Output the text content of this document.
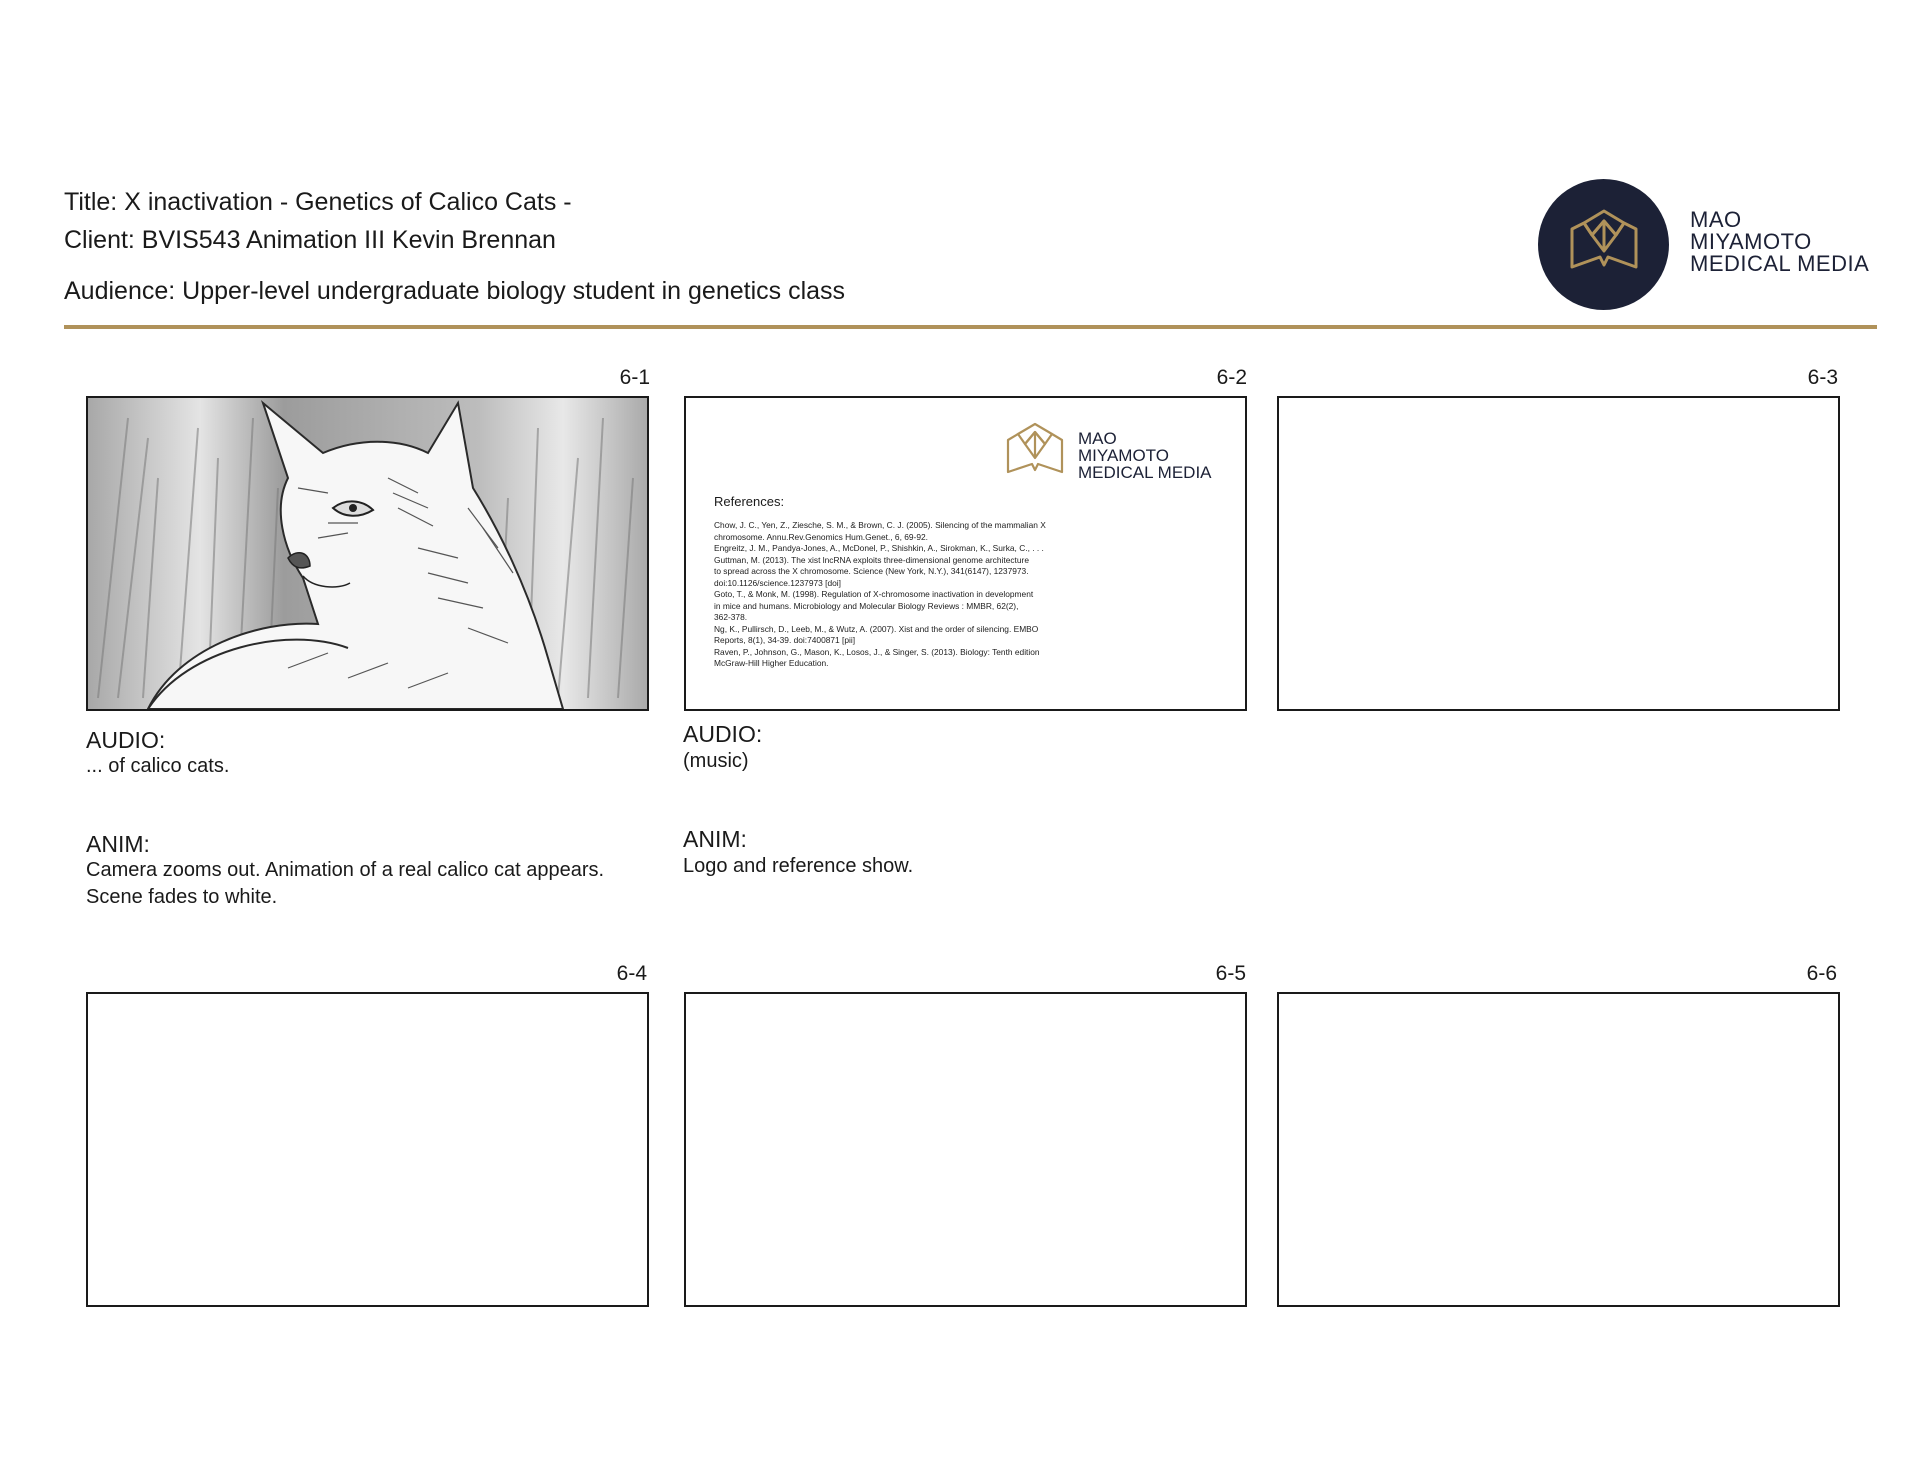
Title: X inactivation - Genetics of Calico Cats -
Client: BVIS543 Animation III Kevin Brennan
Audience: Upper-level undergraduate biology student in genetics class
MAO
MIYAMOTO
MEDICAL MEDIA
6-1	6-2	6-3
6-4	6-5	6-6
MAO
MIYAMOTO
MEDICAL MEDIA
References:
Chow, J. C., Yen, Z., Ziesche, S. M., & Brown, C. J. (2005). Silencing of the mammalian X
chromosome. Annu.Rev.Genomics Hum.Genet., 6, 69-92.
Engreitz, J. M., Pandya-Jones, A., McDonel, P., Shishkin, A., Sirokman, K., Surka, C., . . .
Guttman, M. (2013). The xist lncRNA exploits three-dimensional genome architecture
to spread across the X chromosome. Science (New York, N.Y.), 341(6147), 1237973.
doi:10.1126/science.1237973 [doi]
Goto, T., & Monk, M. (1998). Regulation of X-chromosome inactivation in development
in mice and humans. Microbiology and Molecular Biology Reviews : MMBR, 62(2),
362-378.
Ng, K., Pullirsch, D., Leeb, M., & Wutz, A. (2007). Xist and the order of silencing. EMBO
Reports, 8(1), 34-39. doi:7400871 [pii]
Raven, P., Johnson, G., Mason, K., Losos, J., & Singer, S. (2013). Biology: Tenth edition
McGraw-Hill Higher Education.
AUDIO:
... of calico cats.
ANIM:
Camera zooms out. Animation of a real calico cat appears.
Scene fades to white.
AUDIO:
(music)
ANIM:
Logo and reference show.
